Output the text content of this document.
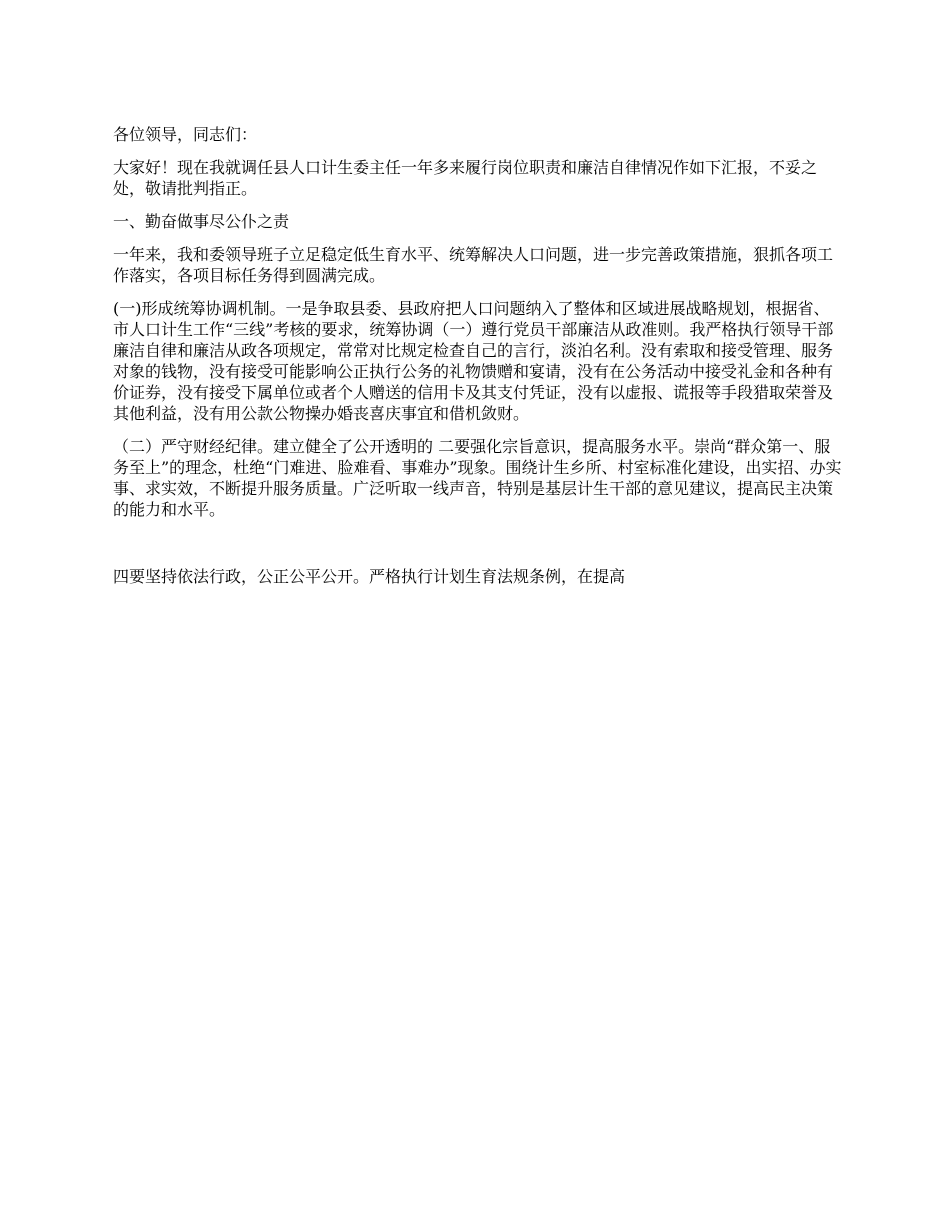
各位领导，同志们：

大家好！现在我就调任县人口计生委主任一年多来履行岗位职责和廉洁自律情况作如下汇报，不妥之处，敬请批判指正。

一、勤奋做事尽公仆之责

一年来，我和委领导班子立足稳定低生育水平、统筹解决人口问题，进一步完善政策措施，狠抓各项工作落实，各项目标任务得到圆满完成。

(一)形成统筹协调机制。一是争取县委、县政府把人口问题纳入了整体和区域进展战略规划，根据省、市人口计生工作“三线”考核的要求，统筹协调（一）遵行党员干部廉洁从政准则。我严格执行领导干部廉洁自律和廉洁从政各项规定，常常对比规定检查自己的言行，淡泊名利。没有索取和接受管理、服务对象的钱物，没有接受可能影响公正执行公务的礼物馈赠和宴请，没有在公务活动中接受礼金和各种有价证券，没有接受下属单位或者个人赠送的信用卡及其支付凭证，没有以虚报、谎报等手段猎取荣誉及其他利益，没有用公款公物操办婚丧喜庆事宜和借机敛财。

（二）严守财经纪律。建立健全了公开透明的 二要强化宗旨意识，提高服务水平。崇尚“群众第一、服务至上”的理念，杜绝“门难进、脸难看、事难办”现象。围绕计生乡所、村室标准化建设，出实招、办实事、求实效，不断提升服务质量。广泛听取一线声音，特别是基层计生干部的意见建议，提高民主决策的能力和水平。

四要坚持依法行政，公正公平公开。严格执行计划生育法规条例，在提高
